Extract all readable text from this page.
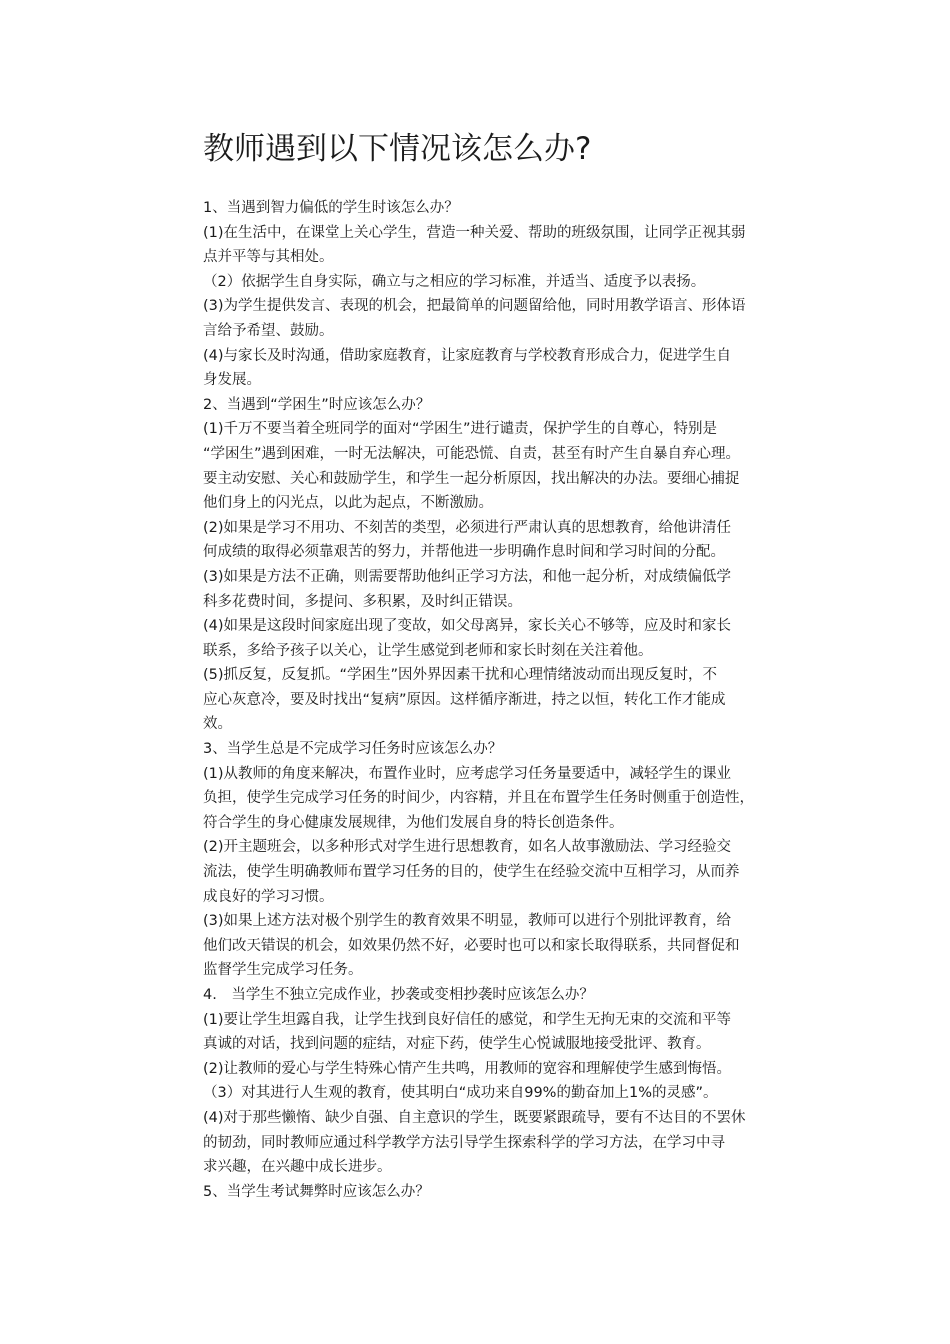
教师遇到以下情况该怎么办?

1、当遇到智力偏低的学生时该怎么办？

(1)在生活中，在课堂上关心学生，营造一种关爱、帮助的班级氛围，让同学正视其弱

点并平等与其相处。

（2）依据学生自身实际，确立与之相应的学习标准，并适当、适度予以表扬。

(3)为学生提供发言、表现的机会，把最简单的问题留给他，同时用教学语言、形体语

言给予希望、鼓励。

(4)与家长及时沟通，借助家庭教育，让家庭教育与学校教育形成合力，促进学生自

身发展。

2、当遇到“学困生”时应该怎么办？

(1)千万不要当着全班同学的面对“学困生”进行谴责，保护学生的自尊心，特别是

“学困生”遇到困难，一时无法解决，可能恐慌、自责，甚至有时产生自暴自弃心理。

要主动安慰、关心和鼓励学生，和学生一起分析原因，找出解决的办法。要细心捕捉

他们身上的闪光点，以此为起点，不断激励。

(2)如果是学习不用功、不刻苦的类型，必须进行严肃认真的思想教育，给他讲清任

何成绩的取得必须靠艰苦的努力，并帮他进一步明确作息时间和学习时间的分配。

(3)如果是方法不正确，则需要帮助他纠正学习方法，和他一起分析，对成绩偏低学

科多花费时间，多提问、多积累，及时纠正错误。

(4)如果是这段时间家庭出现了变故，如父母离异，家长关心不够等，应及时和家长

联系，多给予孩子以关心，让学生感觉到老师和家长时刻在关注着他。

(5)抓反复，反复抓。“学困生”因外界因素干扰和心理情绪波动而出现反复时，不

应心灰意冷，要及时找出“复病”原因。这样循序渐进，持之以恒，转化工作才能成

效。

3、当学生总是不完成学习任务时应该怎么办？

(1)从教师的角度来解决，布置作业时，应考虑学习任务量要适中，减轻学生的课业

负担，使学生完成学习任务的时间少，内容精，并且在布置学生任务时侧重于创造性，

符合学生的身心健康发展规律，为他们发展自身的特长创造条件。

(2)开主题班会，以多种形式对学生进行思想教育，如名人故事激励法、学习经验交

流法，使学生明确教师布置学习任务的目的，使学生在经验交流中互相学习，从而养

成良好的学习习惯。

(3)如果上述方法对极个别学生的教育效果不明显，教师可以进行个别批评教育，给

他们改天错误的机会，如效果仍然不好，必要时也可以和家长取得联系，共同督促和

监督学生完成学习任务。

4.　当学生不独立完成作业，抄袭或变相抄袭时应该怎么办？

(1)要让学生坦露自我，让学生找到良好信任的感觉，和学生无拘无束的交流和平等

真诚的对话，找到问题的症结，对症下药，使学生心悦诚服地接受批评、教育。

(2)让教师的爱心与学生特殊心情产生共鸣，用教师的宽容和理解使学生感到悔悟。

（3）对其进行人生观的教育，使其明白“成功来自99%的勤奋加上1%的灵感”。

(4)对于那些懒惰、缺少自强、自主意识的学生，既要紧跟疏导，要有不达目的不罢休

的韧劲，同时教师应通过科学教学方法引导学生探索科学的学习方法，在学习中寻

求兴趣，在兴趣中成长进步。

5、当学生考试舞弊时应该怎么办？
